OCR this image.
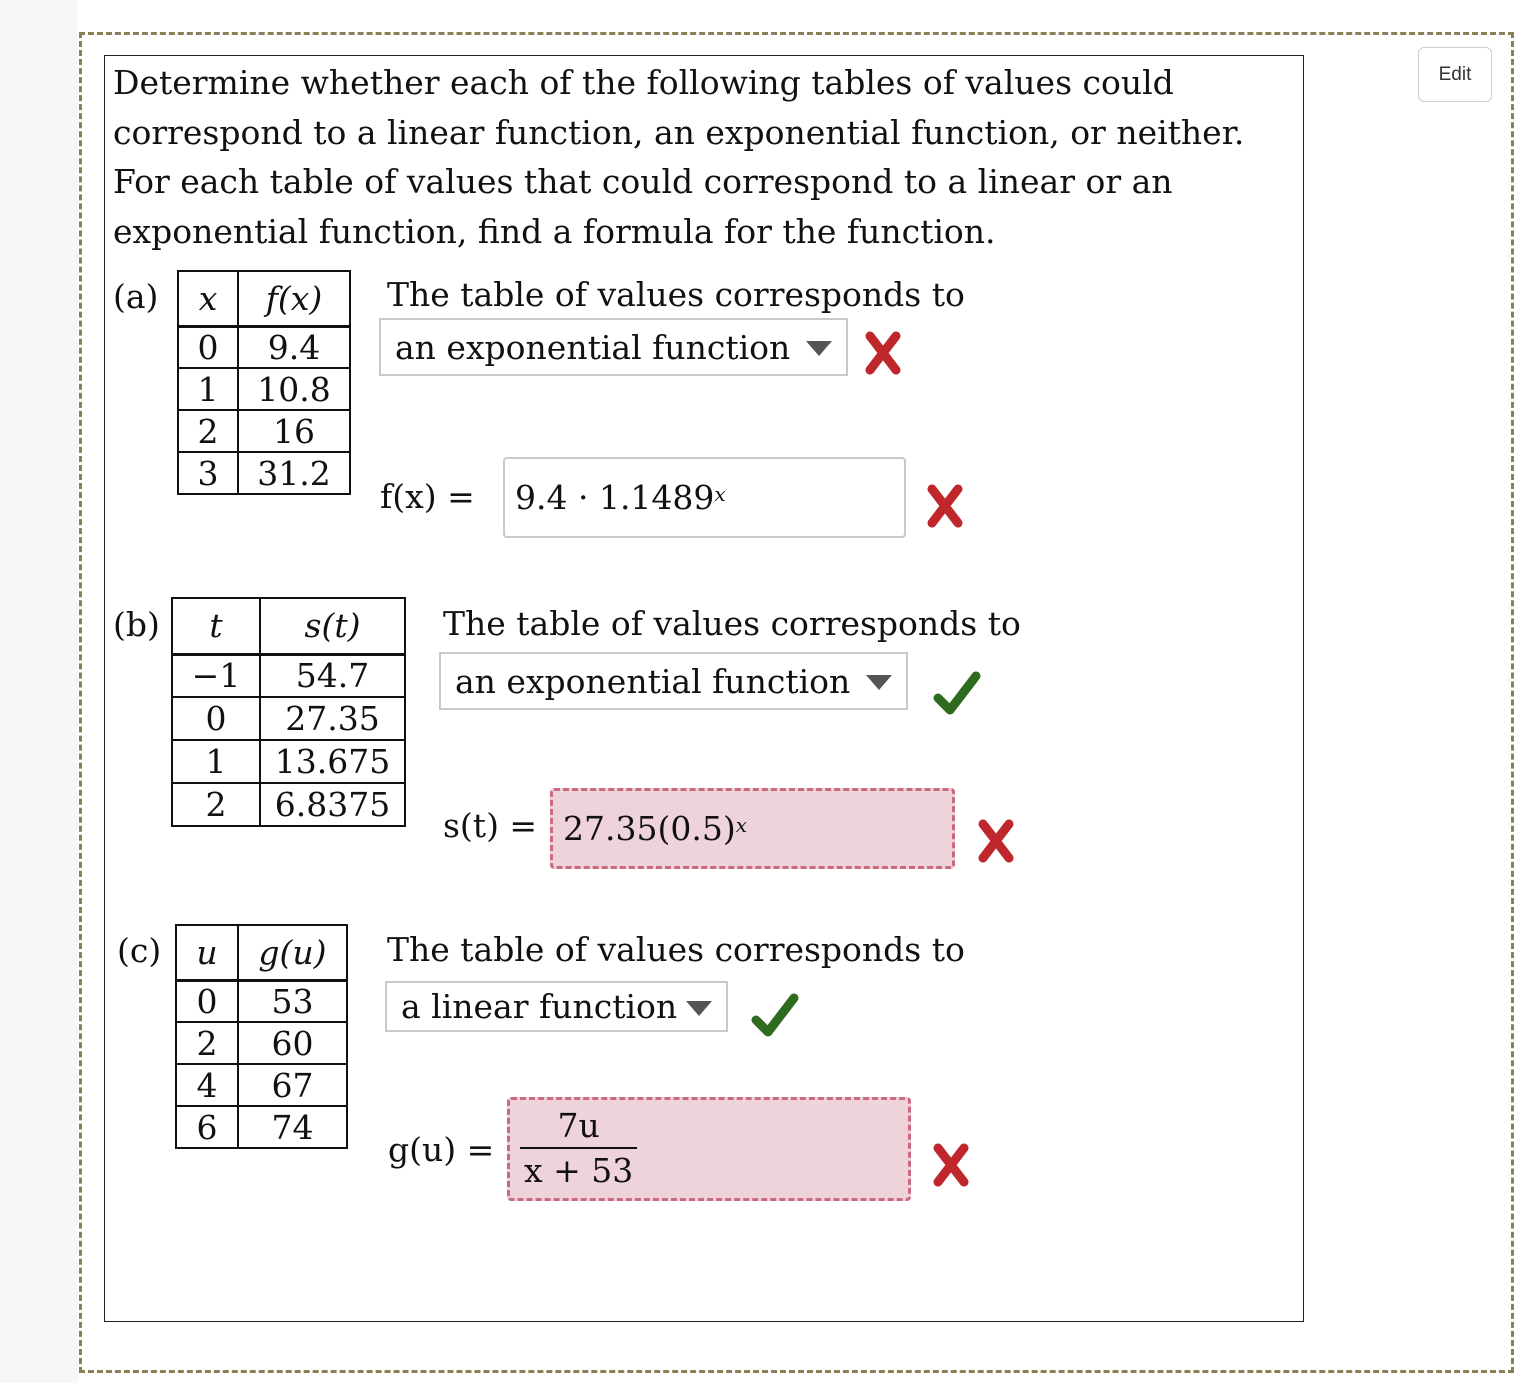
Edit

Determine whether each of the following tables of values could correspond to a linear function, an exponential function, or neither. For each table of values that could correspond to a linear or an exponential function, find a formula for the function.

(a) x	f(x)
0	9.4
1	10.8
2	16
3	31.2
The table of values corresponds to
an exponential function
$f(x) = 9.4 \cdot 1.1489^x$
(b) t	s(t)
−1	54.7
0	27.35
1	13.675
2	6.8375
The table of values corresponds to
an exponential function
$s(t) = 27.35(0.5)^x$
(c) u	g(u)
0	53
2	60
4	67
6	74
The table of values corresponds to
a linear function
$g(u) = \frac{7u}{x + 53}$
